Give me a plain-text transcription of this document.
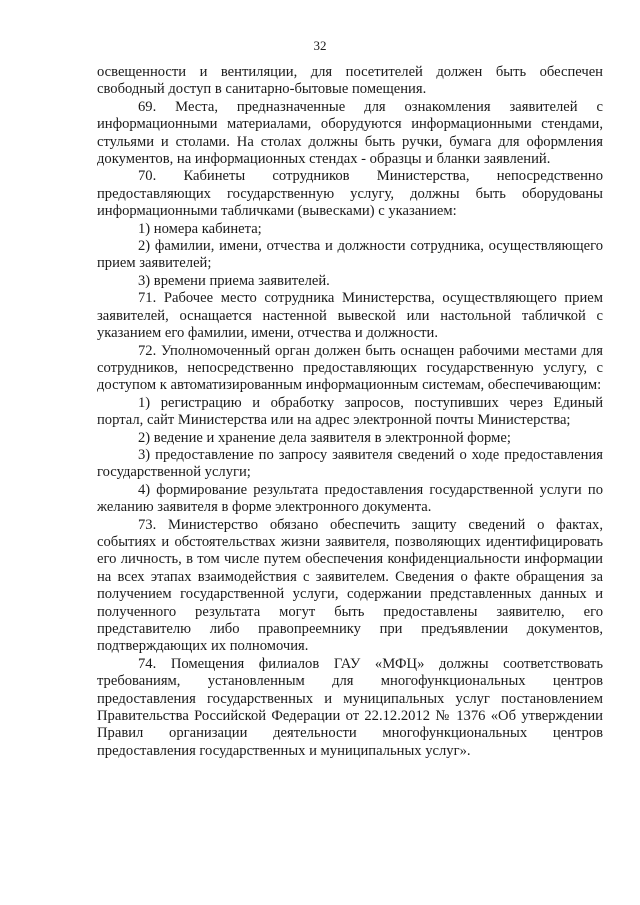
32

освещенности и вентиляции, для посетителей должен быть обеспечен свободный доступ в санитарно-бытовые помещения.

69. Места, предназначенные для ознакомления заявителей с информационными материалами, оборудуются информационными стендами, стульями и столами. На столах должны быть ручки, бумага для оформления документов, на информационных стендах - образцы и бланки заявлений.

70. Кабинеты сотрудников Министерства, непосредственно предоставляющих государственную услугу, должны быть оборудованы информационными табличками (вывесками) с указанием:

1) номера кабинета;

2) фамилии, имени, отчества и должности сотрудника, осуществляющего прием заявителей;

3) времени приема заявителей.

71. Рабочее место сотрудника Министерства, осуществляющего прием заявителей, оснащается настенной вывеской или настольной табличкой с указанием его фамилии, имени, отчества и должности.

72. Уполномоченный орган должен быть оснащен рабочими местами для сотрудников, непосредственно предоставляющих государственную услугу, с доступом к автоматизированным информационным системам, обеспечивающим:

1) регистрацию и обработку запросов, поступивших через Единый портал, сайт Министерства или на адрес электронной почты Министерства;

2) ведение и хранение дела заявителя в электронной форме;

3) предоставление по запросу заявителя сведений о ходе предоставления государственной услуги;

4) формирование результата предоставления государственной услуги по желанию заявителя в форме электронного документа.

73. Министерство обязано обеспечить защиту сведений о фактах, событиях и обстоятельствах жизни заявителя, позволяющих идентифицировать его личность, в том числе путем обеспечения конфиденциальности информации на всех этапах взаимодействия с заявителем. Сведения о факте обращения за получением государственной услуги, содержании представленных данных и полученного результата могут быть предоставлены заявителю, его представителю либо правопреемнику при предъявлении документов, подтверждающих их полномочия.

74. Помещения филиалов ГАУ «МФЦ» должны соответствовать требованиям, установленным для многофункциональных центров предоставления государственных и муниципальных услуг постановлением Правительства Российской Федерации от 22.12.2012 № 1376 «Об утверждении Правил организации деятельности многофункциональных центров предоставления государственных и муниципальных услуг».
